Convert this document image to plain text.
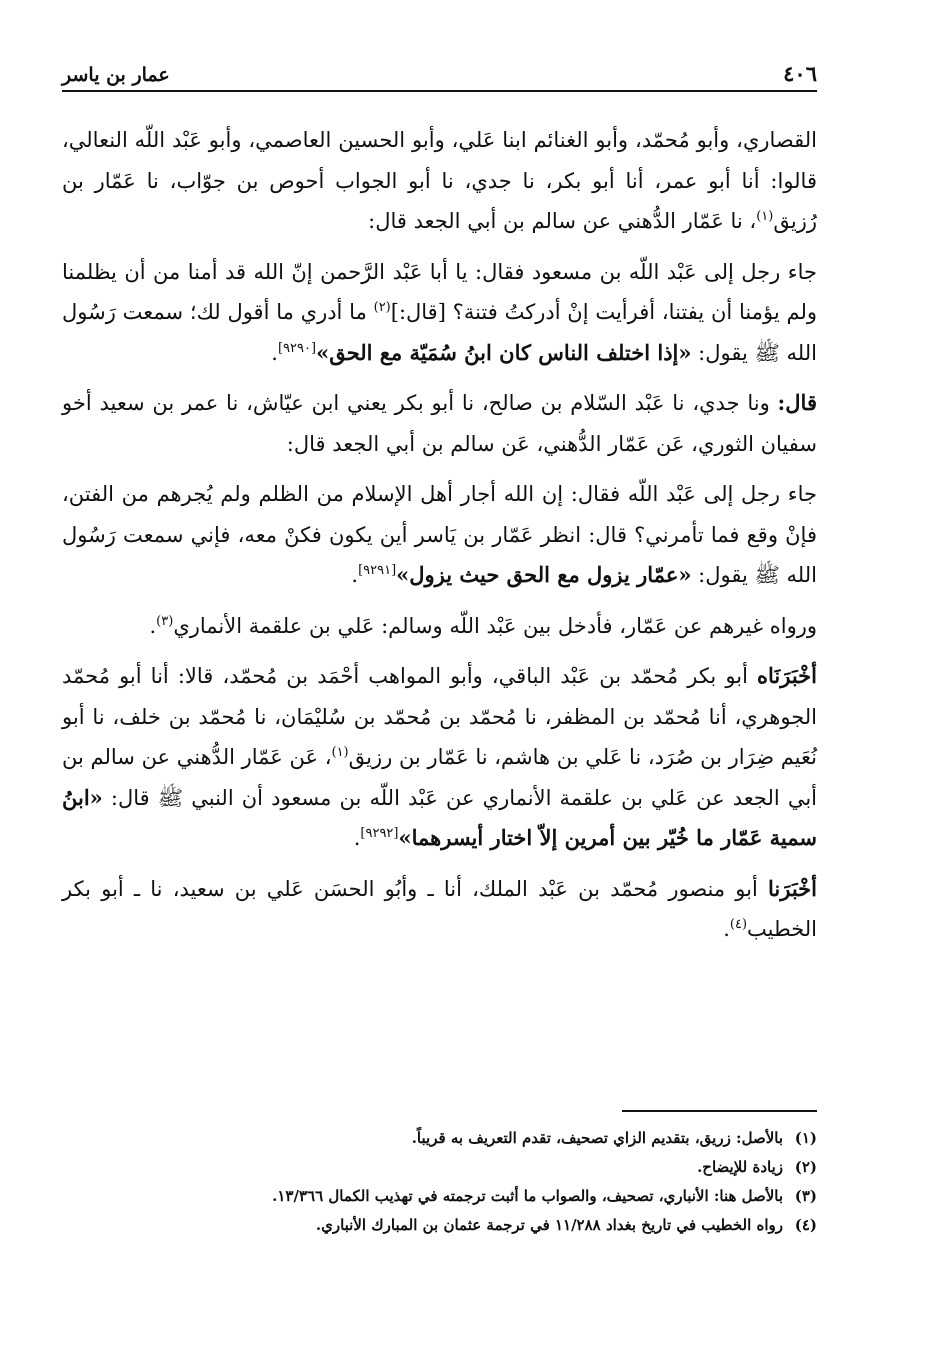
٤٠٦
عمار بن ياسر

القصاري، وأبو مُحمّد، وأبو الغنائم ابنا عَلي، وأبو الحسين العاصمي، وأبو عَبْد اللّه النعالي، قالوا: أنا أبو عمر، أنا أبو بكر، نا جدي، نا أبو الجواب أحوص بن جوّاب، نا عَمّار بن رُزيق$^{(١)}$، نا عَمّار الدُّهني عن سالم بن أبي الجعد قال:

جاء رجل إلى عَبْد اللّه بن مسعود فقال: يا أبا عَبْد الرَّحمن إنّ الله قد أمنا من أن يظلمنا ولم يؤمنا أن يفتنا، أفرأيت إنْ أدركتُ فتنة؟ [قال:]$^{(٢)}$ ما أدري ما أقول لك؛ سمعت رَسُول الله ﷺ يقول: «إذا اختلف الناس كان ابنُ سُمَيّة مع الحق»[٩٢٩٠].

قال: ونا جدي، نا عَبْد السّلام بن صالح، نا أبو بكر يعني ابن عيّاش، نا عمر بن سعيد أخو سفيان الثوري، عَن عَمّار الدُّهني، عَن سالم بن أبي الجعد قال:

جاء رجل إلى عَبْد اللّه فقال: إن الله أجار أهل الإسلام من الظلم ولم يُجرهم من الفتن، فإنْ وقع فما تأمرني؟ قال: انظر عَمّار بن يَاسر أين يكون فكنْ معه، فإني سمعت رَسُول الله ﷺ يقول: «عمّار يزول مع الحق حيث يزول»[٩٢٩١].

ورواه غيرهم عن عَمّار، فأدخل بين عَبْد اللّه وسالم: عَلي بن علقمة الأنماري$^{(٣)}$.

أخْبَرَنَاه أبو بكر مُحمّد بن عَبْد الباقي، وأبو المواهب أحْمَد بن مُحمّد، قالا: أنا أبو مُحمّد الجوهري، أنا مُحمّد بن المظفر، نا مُحمّد بن مُحمّد بن سُليْمَان، نا مُحمّد بن خلف، نا أبو نُعَيم ضِرَار بن صُرَد، نا عَلي بن هاشم، نا عَمّار بن رزيق$^{(١)}$، عَن عَمّار الدُّهني عن سالم بن أبي الجعد عن عَلي بن علقمة الأنماري عن عَبْد اللّه بن مسعود أن النبي ﷺ قال: «ابنُ سمية عَمّار ما خُيّر بين أمرين إلاّ اختار أيسرهما»[٩٢٩٢].

أخْبَرَنا أبو منصور مُحمّد بن عَبْد الملك، أنا ـ وأبُو الحسَن عَلي بن سعيد، نا ـ أبو بكر الخطيب$^{(٤)}$.

(١)
بالأصل: زريق، بتقديم الزاي تصحيف، تقدم التعريف به قريباً.
(٢)
زيادة للإيضاح.
(٣)
بالأصل هنا: الأنباري، تصحيف، والصواب ما أثبت ترجمته في تهذيب الكمال ١٣/٣٦٦.
(٤)
رواه الخطيب في تاريخ بغداد ١١/٢٨٨ في ترجمة عثمان بن المبارك الأنباري.
